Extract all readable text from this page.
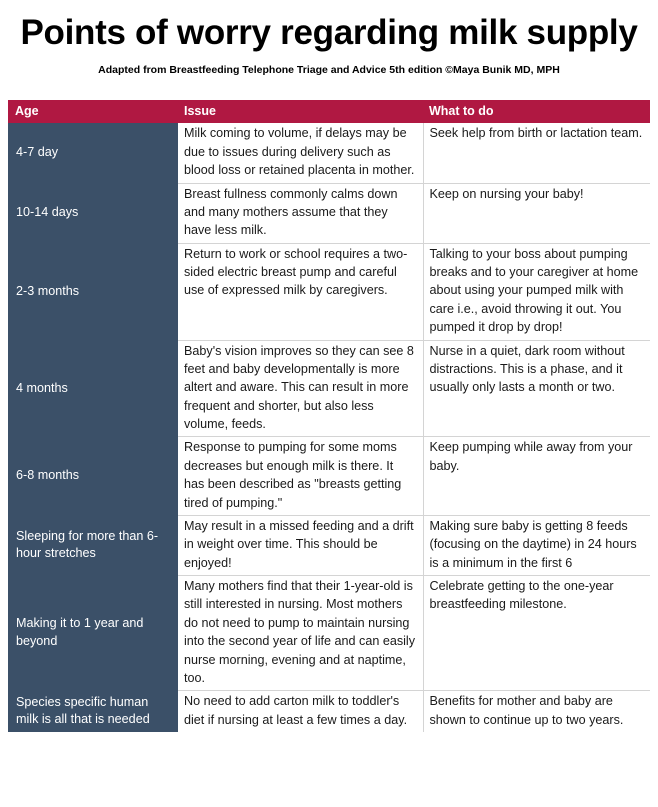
Points of worry regarding milk supply

Adapted from Breastfeeding Telephone Triage and Advice 5th edition ©Maya Bunik MD, MPH

Age	Issue	What to do
4-7 day	Milk coming to volume, if delays may be due to issues during delivery such as blood loss or retained placenta in mother.	Seek help from birth or lactation team.
10-14 days	Breast fullness commonly calms down and many mothers assume that they have less milk.	Keep on nursing your baby!
2-3 months	Return to work or school requires a two-sided electric breast pump and careful use of expressed milk by caregivers.	Talking to your boss about pumping breaks and to your caregiver at home about using your pumped milk with care i.e., avoid throwing it out. You pumped it drop by drop!
4 months	Baby's vision improves so they can see 8 feet and baby developmentally is more altert and aware. This can result in more frequent and shorter, but also less volume, feeds.	Nurse in a quiet, dark room without distractions. This is a phase, and it usually only lasts a month or two.
6-8 months	Response to pumping for some moms decreases but enough milk is there. It has been described as "breasts getting tired of pumping."	Keep pumping while away from your baby.
Sleeping for more than 6-hour stretches	May result in a missed feeding and a drift in weight over time. This should be enjoyed!	Making sure baby is getting 8 feeds (focusing on the daytime) in 24 hours is a minimum in the first 6
Making it to 1 year and beyond	Many mothers find that their 1-year-old is still interested in nursing. Most mothers do not need to pump to maintain nursing into the second year of life and can easily nurse morning, evening and at naptime, too.	Celebrate getting to the one-year breastfeeding milestone.
Species specific human milk is all that is needed	No need to add carton milk to toddler's diet if nursing at least a few times a day.	Benefits for mother and baby are shown to continue up to two years.
